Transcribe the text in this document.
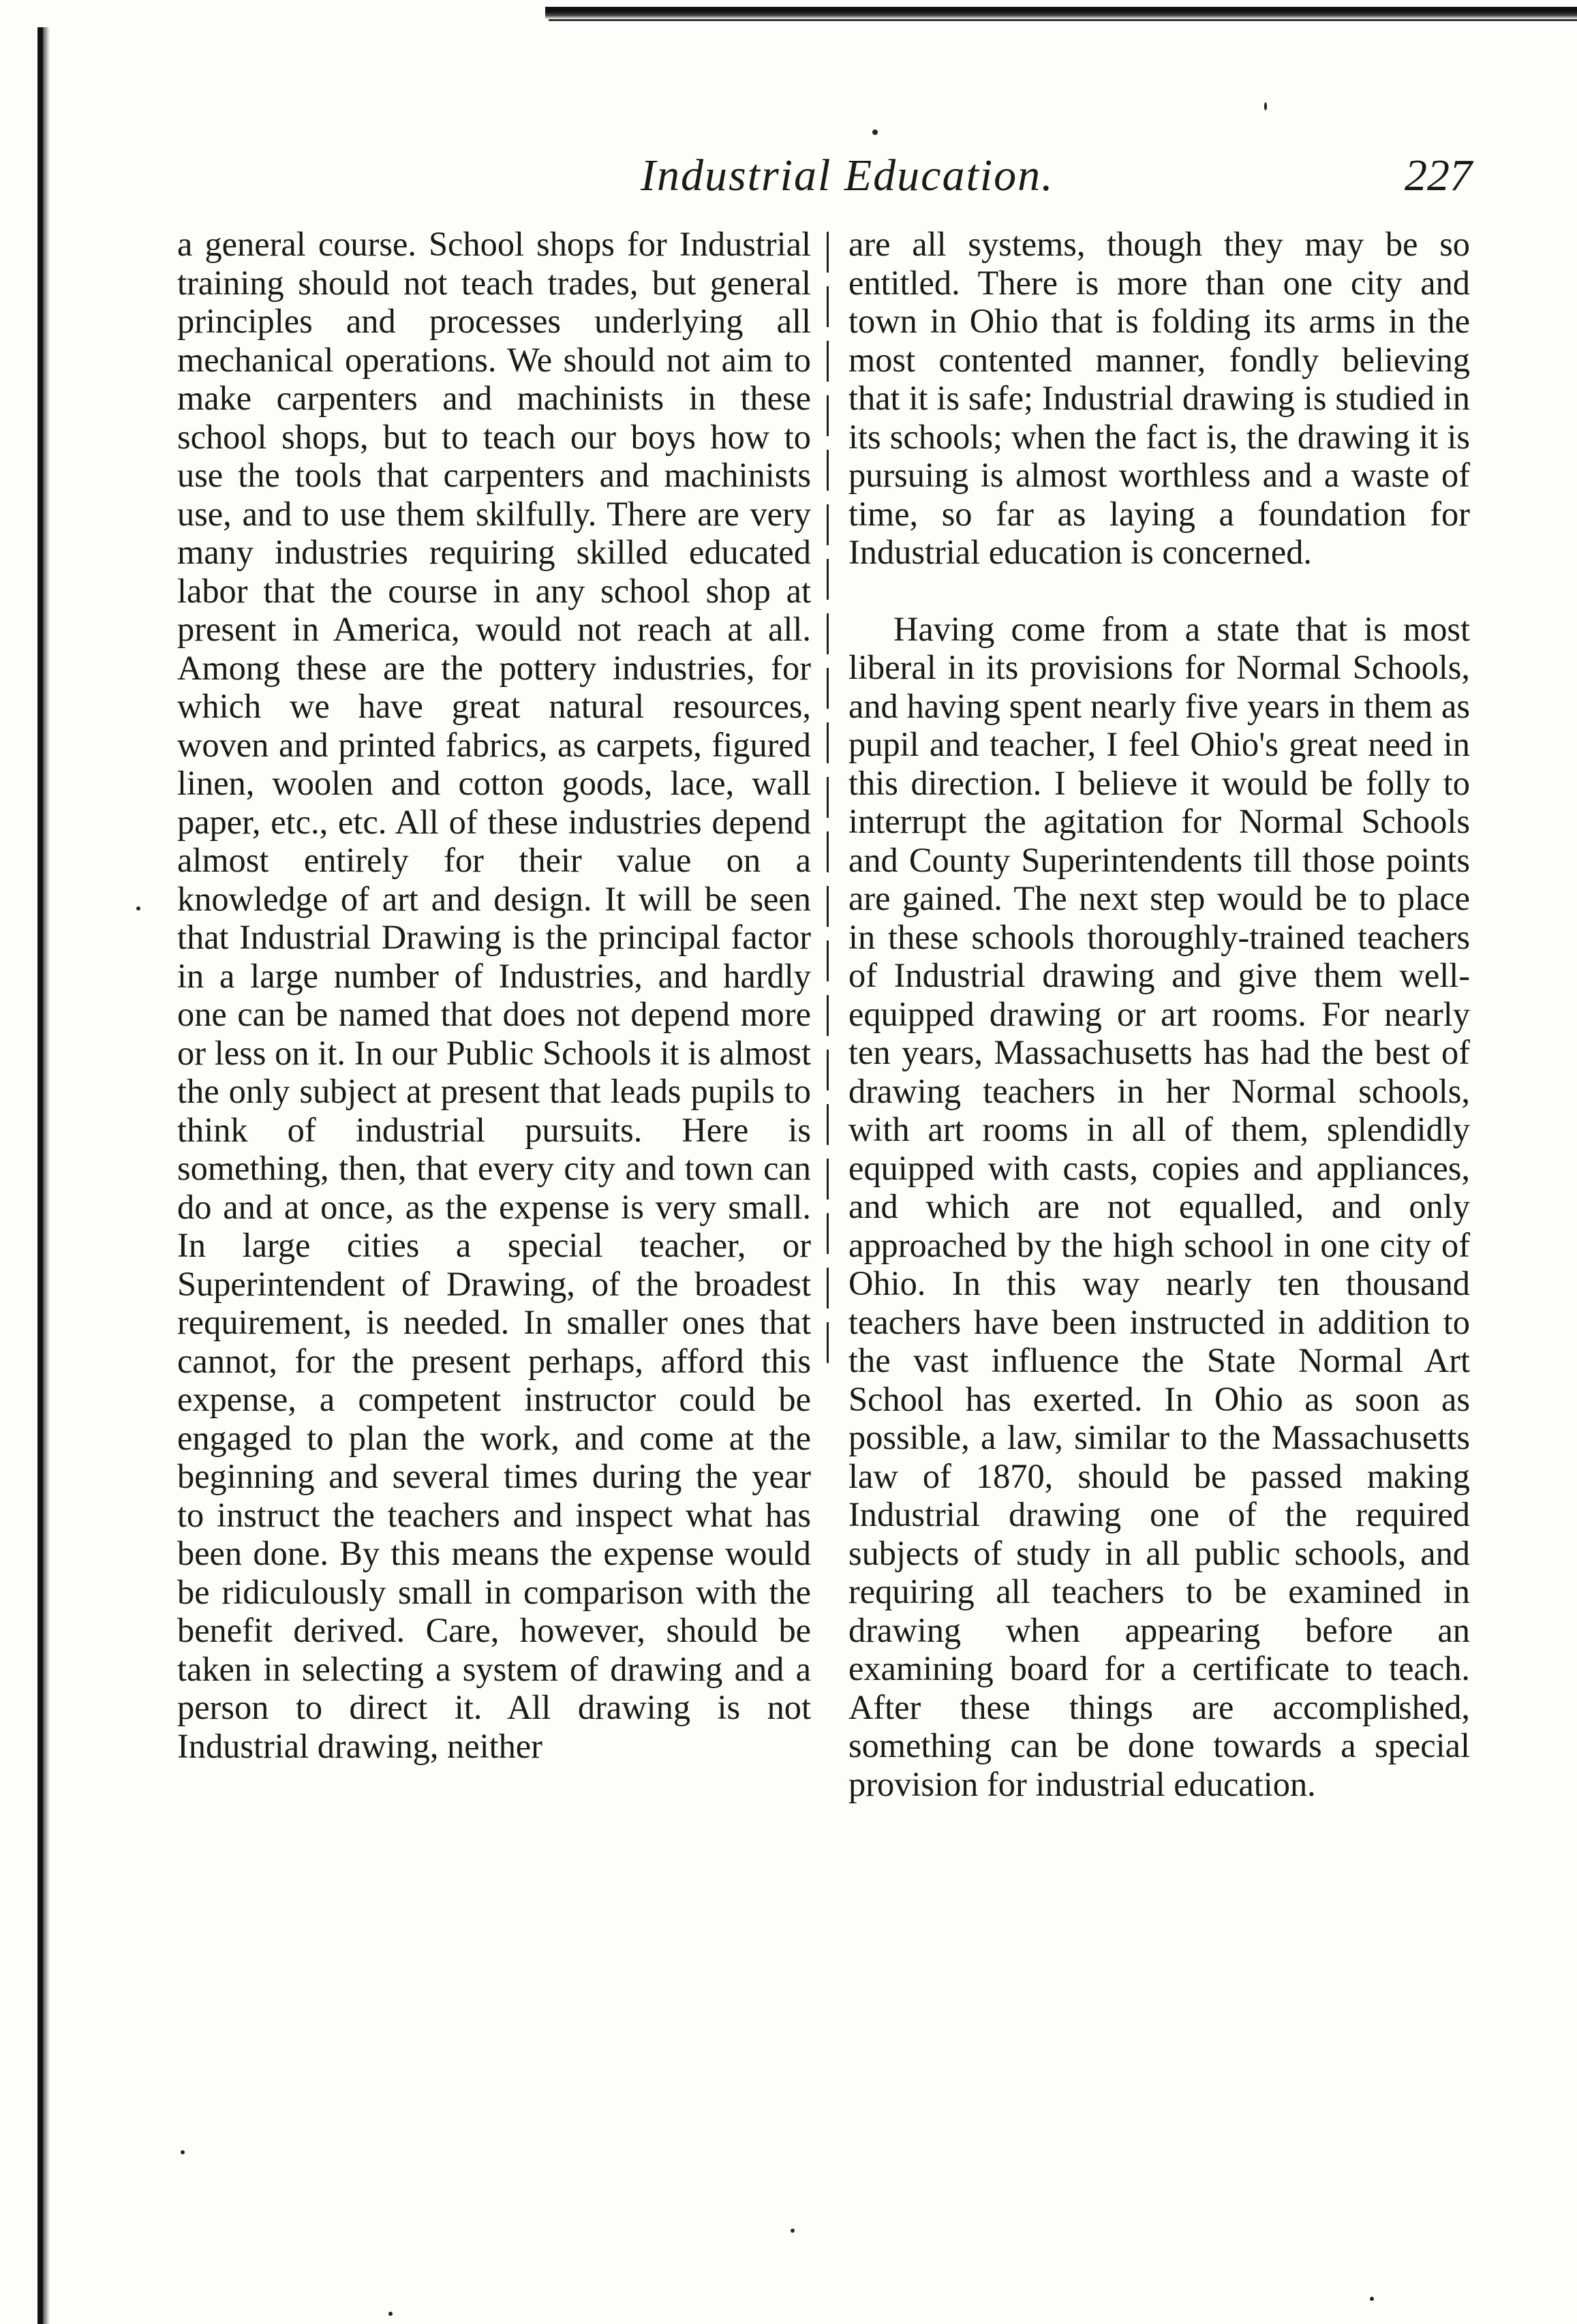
Industrial Education.	227

a general course. School shops for Industrial training should not teach trades, but general principles and processes underlying all mechanical operations. We should not aim to make carpenters and machinists in these school shops, but to teach our boys how to use the tools that carpenters and machinists use, and to use them skilfully. There are very many industries requiring skilled educated labor that the course in any school shop at present in America, would not reach at all. Among these are the pottery industries, for which we have great natural resources, woven and printed fabrics, as carpets, figured linen, woolen and cotton goods, lace, wall paper, etc., etc. All of these industries depend almost entirely for their value on a knowledge of art and design. It will be seen that Industrial Drawing is the principal factor in a large number of Industries, and hardly one can be named that does not depend more or less on it. In our Public Schools it is almost the only subject at present that leads pupils to think of industrial pursuits. Here is something, then, that every city and town can do and at once, as the expense is very small. In large cities a special teacher, or Superintendent of Drawing, of the broadest requirement, is needed. In smaller ones that cannot, for the present perhaps, afford this expense, a competent instructor could be engaged to plan the work, and come at the beginning and several times during the year to instruct the teachers and inspect what has been done. By this means the expense would be ridiculously small in comparison with the benefit derived. Care, however, should be taken in selecting a system of drawing and a person to direct it. All drawing is not Industrial drawing, neither

are all systems, though they may be so entitled. There is more than one city and town in Ohio that is folding its arms in the most contented manner, fondly believing that it is safe; Industrial drawing is studied in its schools; when the fact is, the drawing it is pursuing is almost worthless and a waste of time, so far as laying a foundation for Industrial education is concerned.

Having come from a state that is most liberal in its provisions for Normal Schools, and having spent nearly five years in them as pupil and teacher, I feel Ohio's great need in this direction. I believe it would be folly to interrupt the agitation for Normal Schools and County Superintendents till those points are gained. The next step would be to place in these schools thoroughly-trained teachers of Industrial drawing and give them well-equipped drawing or art rooms. For nearly ten years, Massachusetts has had the best of drawing teachers in her Normal schools, with art rooms in all of them, splendidly equipped with casts, copies and appliances, and which are not equalled, and only approached by the high school in one city of Ohio. In this way nearly ten thousand teachers have been instructed in addition to the vast influence the State Normal Art School has exerted. In Ohio as soon as possible, a law, similar to the Massachusetts law of 1870, should be passed making Industrial drawing one of the required subjects of study in all public schools, and requiring all teachers to be examined in drawing when appearing before an examining board for a certificate to teach. After these things are accomplished, something can be done towards a special provision for industrial education.
